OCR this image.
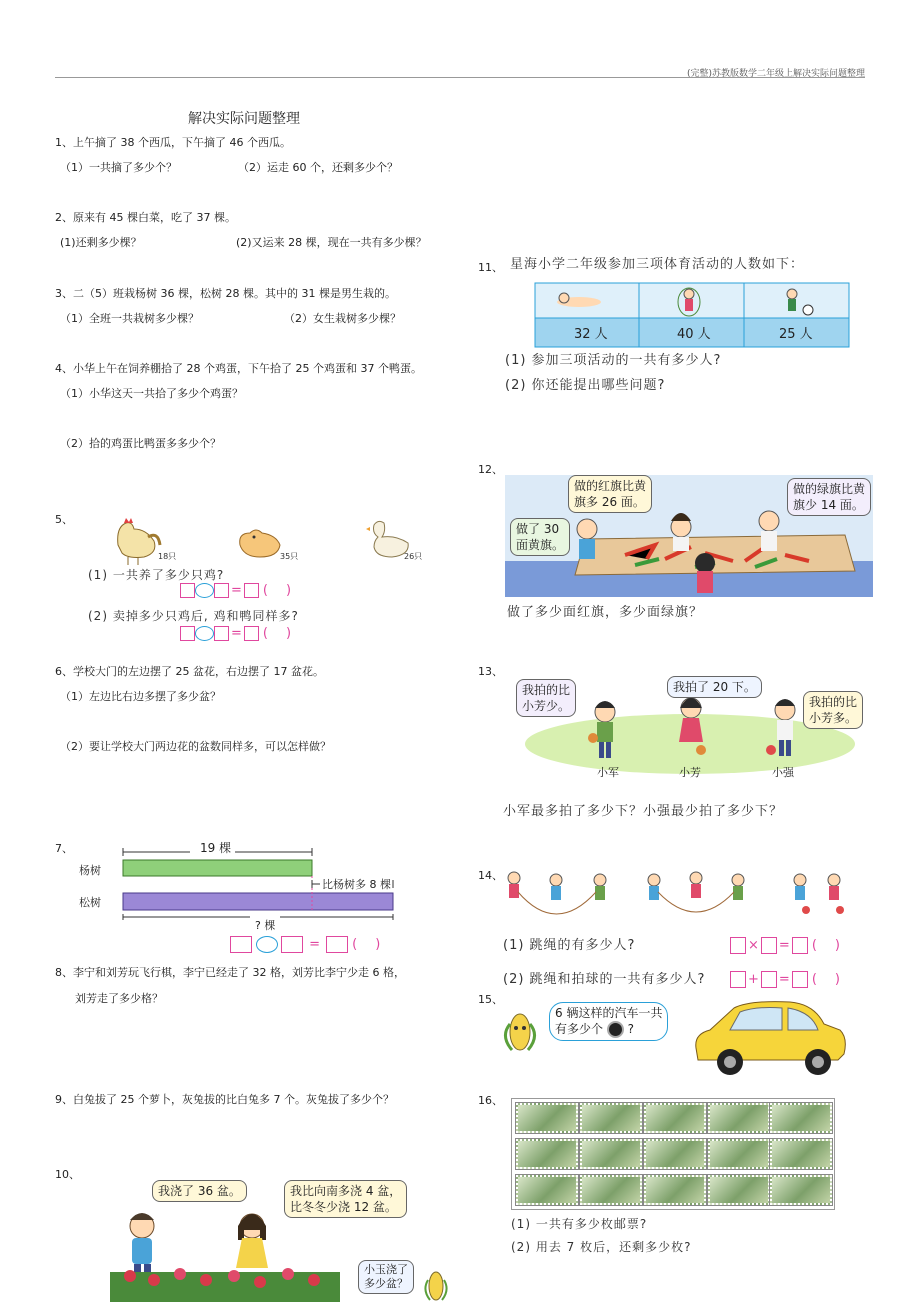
(完整)苏教版数学二年级上解决实际问题整理
解决实际问题整理
1、上午摘了 38 个西瓜，下午摘了 46 个西瓜。
（1）一共摘了多少个？	（2）运走 60 个，还剩多少个？
2、原来有 45 棵白菜，吃了 37 棵。
(1)还剩多少棵？	(2)又运来 28 棵，现在一共有多少棵？
3、二（5）班栽杨树 36 棵，松树 28 棵。其中的 31 棵是男生栽的。
（1）全班一共栽树多少棵？	（2）女生栽树多少棵？
4、小华上午在饲养棚拾了 28 个鸡蛋，下午拾了 25 个鸡蛋和 37 个鸭蛋。
（1）小华这天一共拾了多少个鸡蛋？
（2）拾的鸡蛋比鸭蛋多多少个？
5、
18只	35只	26只
(1) 一共养了多少只鸡?
= ()
(2) 卖掉多少只鸡后, 鸡和鸭同样多?
= ()
6、学校大门的左边摆了 25 盆花，右边摆了 17 盆花。
（1）左边比右边多摆了多少盆？
（2）要让学校大门两边花的盆数同样多，可以怎样做？
7、	19 棵
杨树
松树
比杨树多 8 棵
? 棵
= ()
8、李宁和刘芳玩飞行棋，李宁已经走了 32 格，刘芳比李宁少走 6 格，
刘芳走了多少格？
9、白兔拔了 25 个萝卜，灰兔拔的比白兔多 7 个。灰兔拔了多少个？
10、
我浇了 36 盆。	我比向南多浇 4 盆，
比冬冬少浇 12 盆。
小玉浇了
多少盆？
11、 星海小学二年级参加三项体育活动的人数如下：
32 人	40 人	25 人
(1) 参加三项活动的一共有多少人?
(2) 你还能提出哪些问题?
12、
做的红旗比黄
旗多 26 面。
做的绿旗比黄
旗少 14 面。
做了 30
面黄旗。
做了多少面红旗，多少面绿旗？
13、
我拍的比
小芳少。
我拍了 20 下。
我拍的比
小芳多。
小军	小芳	小强
小军最多拍了多少下？小强最少拍了多少下？
14、
(1) 跳绳的有多少人?	× = ()
(2) 跳绳和拍球的一共有多少人?	+ = ()
15、
6 辆这样的汽车一共
有多少个 ?
16、
(1) 一共有多少枚邮票?
(2) 用去 7 枚后，还剩多少枚?
